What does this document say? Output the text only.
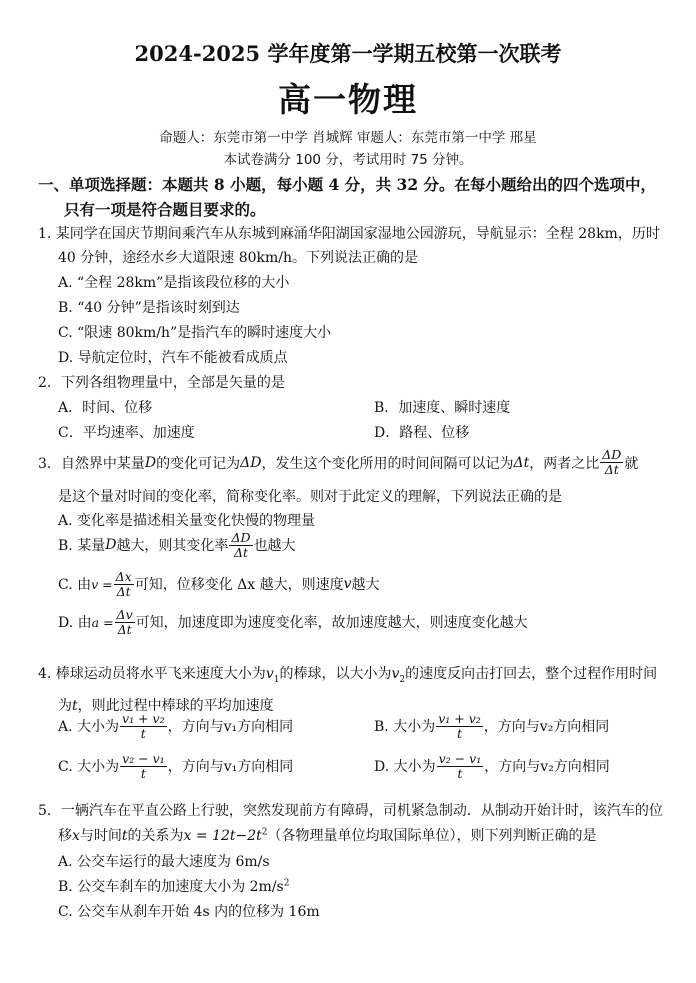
2024-2025 学年度第一学期五校第一次联考
高一物理
命题人：东莞市第一中学 肖城辉 审题人：东莞市第一中学 邢星
本试卷满分 100 分，考试用时 75 分钟。
一、单项选择题：本题共 8 小题，每小题 4 分，共 32 分。在每小题给出的四个选项中，
只有一项是符合题目要求的。
1. 某同学在国庆节期间乘汽车从东城到麻涌华阳湖国家湿地公园游玩，导航显示：全程 28km，历时
40 分钟，途经水乡大道限速 80km/h。下列说法正确的是
A. “全程 28km”是指该段位移的大小
B. “40 分钟”是指该时刻到达
C. “限速 80km/h”是指汽车的瞬时速度大小
D. 导航定位时，汽车不能被看成质点
2．下列各组物理量中，全部是矢量的是
A．时间、位移	B．加速度、瞬时速度
C．平均速率、加速度	D．路程、位移
3．自然界中某量 D 的变化可记为 ΔD ，发生这个变化所用的时间间隔可以记为 Δt ，两者之比 $\frac{\Delta D}{\Delta t}$ 就
是这个量对时间的变化率，简称变化率。则对于此定义的理解，下列说法正确的是
A. 变化率是描述相关量变化快慢的物理量
B. 某量 D 越大，则其变化率 $\frac{\Delta D}{\Delta t}$ 也越大
C. 由 $v = \frac{\Delta x}{\Delta t}$ 可知，位移变化 Δx 越大，则速度 v 越大
D. 由 $a = \frac{\Delta v}{\Delta t}$ 可知，加速度即为速度变化率，故加速度越大，则速度变化越大
4. 棒球运动员将水平飞来速度大小为$v_1$的棒球，以大小为$v_2$的速度反向击打回去，整个过程作用时间
为t，则此过程中棒球的平均加速度
A. 大小为 $\frac{\text{v₁ + v₂}}{t}$ ，方向与v₁方向相同	B. 大小为 $\frac{\text{v₁ + v₂}}{t}$ ，方向与v₂方向相同
C. 大小为 $\frac{\text{v₂ − v₁}}{t}$ ，方向与v₁方向相同	D. 大小为 $\frac{\text{v₂ − v₁}}{t}$ ，方向与v₂方向相同
5．一辆汽车在平直公路上行驶，突然发现前方有障碍，司机紧急制动．从制动开始计时，该汽车的位
移x与时间t的关系为$x = 12t-2t^2$（各物理量单位均取国际单位），则下列判断正确的是
A. 公交车运行的最大速度为 6m/s
B. 公交车刹车的加速度大小为 $2m/s^2$
C. 公交车从刹车开始 4s 内的位移为 16m
